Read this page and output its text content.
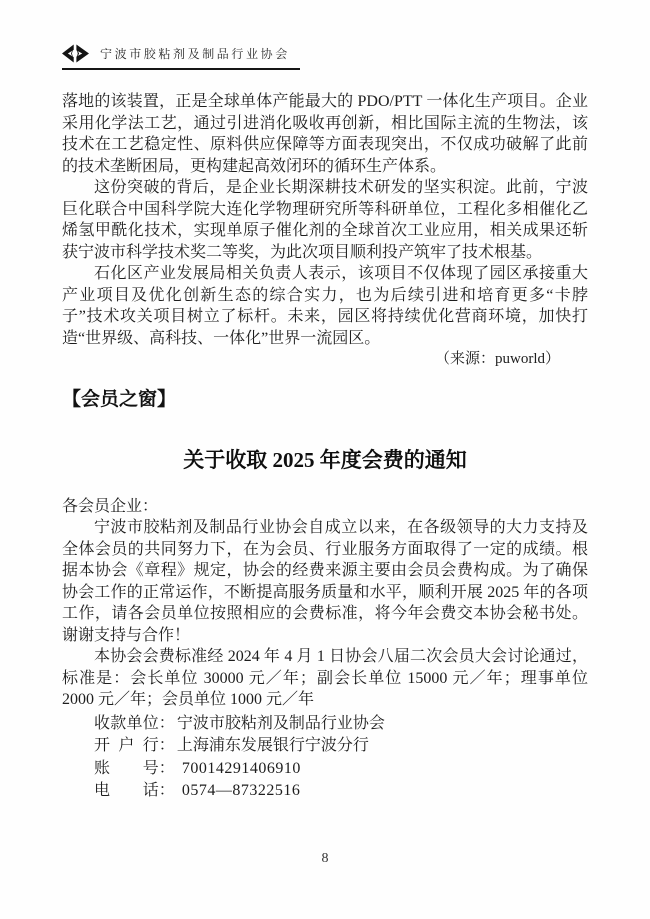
宁波市胶粘剂及制品行业协会

落地的该装置，正是全球单体产能最大的 PDO/PTT 一体化生产项目。企业采用化学法工艺，通过引进消化吸收再创新，相比国际主流的生物法，该技术在工艺稳定性、原料供应保障等方面表现突出，不仅成功破解了此前的技术垄断困局，更构建起高效闭环的循环生产体系。

这份突破的背后，是企业长期深耕技术研发的坚实积淀。此前，宁波巨化联合中国科学院大连化学物理研究所等科研单位，工程化多相催化乙烯氢甲酰化技术，实现单原子催化剂的全球首次工业应用，相关成果还斩获宁波市科学技术奖二等奖，为此次项目顺利投产筑牢了技术根基。

石化区产业发展局相关负责人表示，该项目不仅体现了园区承接重大产业项目及优化创新生态的综合实力，也为后续引进和培育更多“卡脖子”技术攻关项目树立了标杆。未来，园区将持续优化营商环境，加快打造“世界级、高科技、一体化”世界一流园区。

（来源：puworld）

【会员之窗】
关于收取 2025 年度会费的通知

各会员企业：

宁波市胶粘剂及制品行业协会自成立以来，在各级领导的大力支持及全体会员的共同努力下，在为会员、行业服务方面取得了一定的成绩。根据本协会《章程》规定，协会的经费来源主要由会员会费构成。为了确保协会工作的正常运作，不断提高服务质量和水平，顺利开展 2025 年的各项工作，请各会员单位按照相应的会费标准，将今年会费交本协会秘书处。谢谢支持与合作！

本协会会费标准经 2024 年 4 月 1 日协会八届二次会员大会讨论通过，标准是：会长单位 30000 元／年；副会长单位 15000 元／年；理事单位 2000 元／年；会员单位 1000 元／年

收款单位： 宁波市胶粘剂及制品行业协会
开户行： 上海浦东发展银行宁波分行
账号： 70014291406910
电话： 0574—87322516
8
